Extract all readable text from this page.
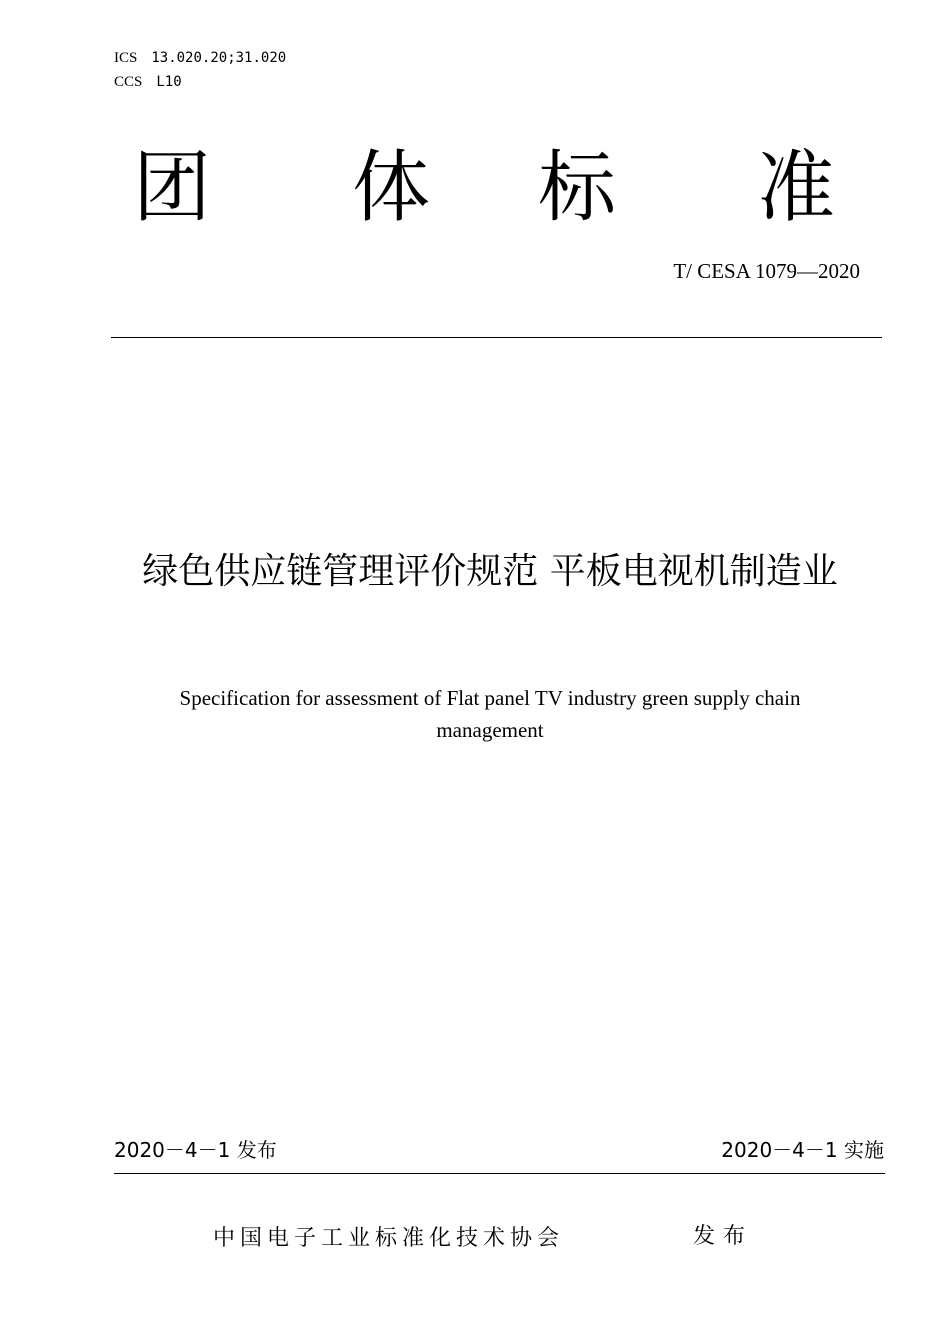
ICS 13.020.20;31.020
CCS L10
团 体 标 准
T/ CESA 1079—2020
绿色供应链管理评价规范 平板电视机制造业
Specification for assessment of Flat panel TV industry green supply chain management
2020－4－1 发布	2020－4－1 实施
中国电子工业标准化技术协会	发布
